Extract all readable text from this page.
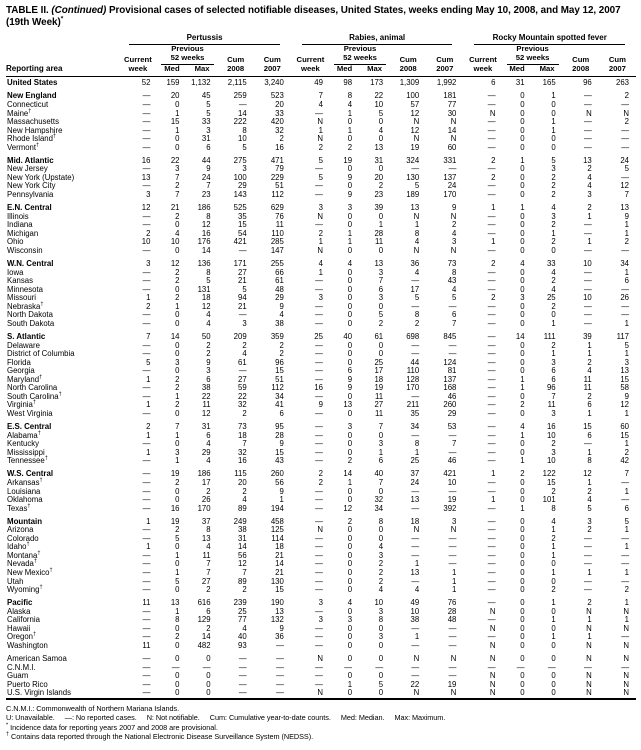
TABLE II. (Continued) Provisional cases of selected notifiable diseases, United States, weeks ending May 10, 2008, and May 12, 2007
(19th Week)*
Reporting area	Pertussis					Rabies, animal					Rocky Mountain spotted fever				

	Current
week	Previous

52 weeks		Cum
2008	Cum
2007	Current
week	Previous

52 weeks		Cum
2008	Cum
2007	Current
week	Previous

52 weeks		Cum
2008	Cum
2007
		Med	Max				Med	Max				Med	Max		

United States	52	159	1,132	2,115	3,240	49	98	173	1,309	1,992	6	31	165	96	263
New England	—	20	45	259	523	7	8	22	100	181	—	0	1	—	2
Connecticut	—	0	5	—	20	4	4	10	57	77	—	0	0	—	—
Maine†	—	1	5	14	33	—	1	5	12	30	N	0	0	N	N
Massachusetts	—	15	33	222	420	N	0	0	N	N	—	0	1	—	2
New Hampshire	—	1	3	8	32	1	1	4	12	14	—	0	1	—	—
Rhode Island†	—	0	31	10	2	N	0	0	N	N	—	0	0	—	—
Vermont†	—	0	6	5	16	2	2	13	19	60	—	0	0	—	—
Mid. Atlantic	16	22	44	275	471	5	19	31	324	331	2	1	5	13	24
New Jersey	—	3	9	3	79	—	0	0	—	—	—	0	3	2	5
New York (Upstate)	13	7	24	100	229	5	9	20	130	137	2	0	2	4	—
New York City	—	2	7	29	51	—	0	2	5	24	—	0	2	4	12
Pennsylvania	3	7	23	143	112	—	9	23	189	170	—	0	2	3	7
E.N. Central	12	21	186	525	629	3	3	39	13	9	1	1	4	2	13
Illinois	—	2	8	35	76	N	0	0	N	N	—	0	3	1	9
Indiana	—	0	12	15	11	—	0	1	1	2	—	0	2	—	1
Michigan	2	4	16	54	110	2	1	28	8	4	—	0	1	—	1
Ohio	10	10	176	421	285	1	1	11	4	3	1	0	2	1	2
Wisconsin	—	0	14	—	147	N	0	0	N	N	—	0	0	—	—
W.N. Central	3	12	136	171	255	4	4	13	36	73	2	4	33	10	34
Iowa	—	2	8	27	66	1	0	3	4	8	—	0	4	—	1
Kansas	—	2	5	21	61	—	0	7	—	43	—	0	2	—	6
Minnesota	—	0	131	5	48	—	0	6	17	4	—	0	4	—	—
Missouri	1	2	18	94	29	3	0	3	5	5	2	3	25	10	26
Nebraska†	2	1	12	21	9	—	0	0	—	—	—	0	2	—	—
North Dakota	—	0	4	—	4	—	0	5	8	6	—	0	0	—	—
South Dakota	—	0	4	3	38	—	0	2	2	7	—	0	1	—	1
S. Atlantic	7	14	50	209	359	25	40	61	698	845	—	14	111	39	117
Delaware	—	0	2	2	2	—	0	0	—	—	—	0	2	1	5
District of Columbia	—	0	2	4	2	—	0	0	—	—	—	0	1	1	1
Florida	5	3	9	61	96	—	0	25	44	124	—	0	3	2	3
Georgia	—	0	3	—	15	—	6	17	110	81	—	0	6	4	13
Maryland†	1	2	6	27	51	—	9	18	128	137	—	1	6	11	15
North Carolina	—	2	38	59	112	16	9	19	170	168	—	1	96	11	58
South Carolina†	—	1	22	22	34	—	0	11	—	46	—	0	7	2	9
Virginia†	1	2	11	32	41	9	13	27	211	260	—	2	11	6	12
West Virginia	—	0	12	2	6	—	0	11	35	29	—	0	3	1	1
E.S. Central	2	7	31	73	95	—	3	7	34	53	—	4	16	15	60
Alabama†	1	1	6	18	28	—	0	0	—	—	—	1	10	6	15
Kentucky	—	0	4	7	9	—	0	3	8	7	—	0	2	—	1
Mississippi	1	3	29	32	15	—	0	1	1	—	—	0	3	1	2
Tennessee†	—	1	4	16	43	—	2	6	25	46	—	1	10	8	42
W.S. Central	—	19	186	115	260	2	14	40	37	421	1	2	122	12	7
Arkansas†	—	2	17	20	56	2	1	7	24	10	—	0	15	1	—
Louisiana	—	0	2	2	9	—	0	0	—	—	—	0	2	2	1
Oklahoma	—	0	26	4	1	—	0	32	13	19	1	0	101	4	—
Texas†	—	16	170	89	194	—	12	34	—	392	—	1	8	5	6
Mountain	1	19	37	249	458	—	2	8	18	3	—	0	4	3	5
Arizona	—	2	8	38	125	N	0	0	N	N	—	0	1	2	1
Colorado	—	5	13	31	114	—	0	0	—	—	—	0	2	—	—
Idaho†	1	0	4	14	18	—	0	4	—	—	—	0	1	—	1
Montana†	—	1	11	56	21	—	0	3	—	—	—	0	1	—	—
Nevada†	—	0	7	12	14	—	0	2	1	—	—	0	0	—	—
New Mexico†	—	1	7	7	21	—	0	2	13	1	—	0	1	1	1
Utah	—	5	27	89	130	—	0	2	—	1	—	0	0	—	—
Wyoming†	—	0	2	2	15	—	0	4	4	1	—	0	2	—	2
Pacific	11	13	616	239	190	3	4	10	49	76	—	0	1	2	1
Alaska	—	1	6	25	13	—	0	3	10	28	N	0	0	N	N
California	—	8	129	77	132	3	3	8	38	48	—	0	1	1	1
Hawaii	—	0	2	4	9	—	0	0	—	—	N	0	0	N	N
Oregon†	—	2	14	40	36	—	0	3	1	—	—	0	1	1	—
Washington	11	0	482	93	—	—	0	0	—	—	N	0	0	N	N
American Samoa	—	0	0	—	—	N	0	0	N	N	N	0	0	N	N
C.N.M.I.	—	—	—	—	—	—	—	—	—	—	—	—	—	—	—
Guam	—	0	0	—	—	—	0	0	—	—	N	0	0	N	N
Puerto Rico	—	0	0	—	—	—	1	5	22	19	N	0	0	N	N
U.S. Virgin Islands	—	0	0	—	—	N	0	0	N	N	N	0	0	N	N

C.N.M.I.: Commonwealth of Northern Mariana Islands.
U: Unavailable. —: No reported cases. N: Not notifiable. Cum: Cumulative year-to-date counts. Med: Median. Max: Maximum.
* Incidence data for reporting years 2007 and 2008 are provisional.
† Contains data reported through the National Electronic Disease Surveillance System (NEDSS).
